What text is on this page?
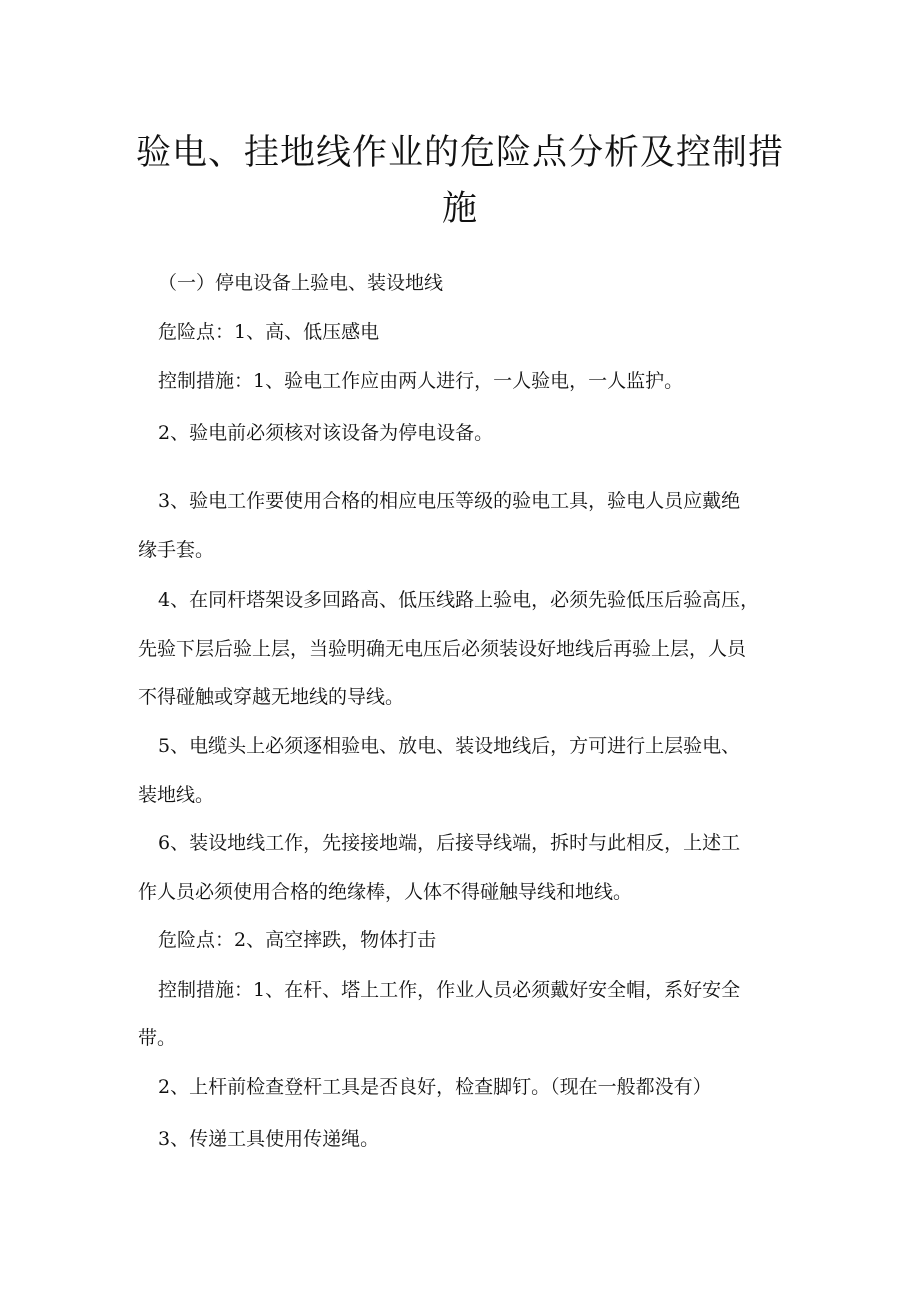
验电、挂地线作业的危险点分析及控制措
施

（一）停电设备上验电、装设地线

危险点：1、高、低压感电

控制措施：1、验电工作应由两人进行，一人验电，一人监护。

2、验电前必须核对该设备为停电设备。

3、验电工作要使用合格的相应电压等级的验电工具，验电人员应戴绝

缘手套。

4、在同杆塔架设多回路高、低压线路上验电，必须先验低压后验高压，

先验下层后验上层，当验明确无电压后必须装设好地线后再验上层，人员

不得碰触或穿越无地线的导线。

5、电缆头上必须逐相验电、放电、装设地线后，方可进行上层验电、

装地线。

6、装设地线工作，先接接地端，后接导线端，拆时与此相反，上述工

作人员必须使用合格的绝缘棒，人体不得碰触导线和地线。

危险点：2、高空摔跌，物体打击

控制措施：1、在杆、塔上工作，作业人员必须戴好安全帽，系好安全

带。

2、上杆前检查登杆工具是否良好，检查脚钉。（现在一般都没有）

3、传递工具使用传递绳。
